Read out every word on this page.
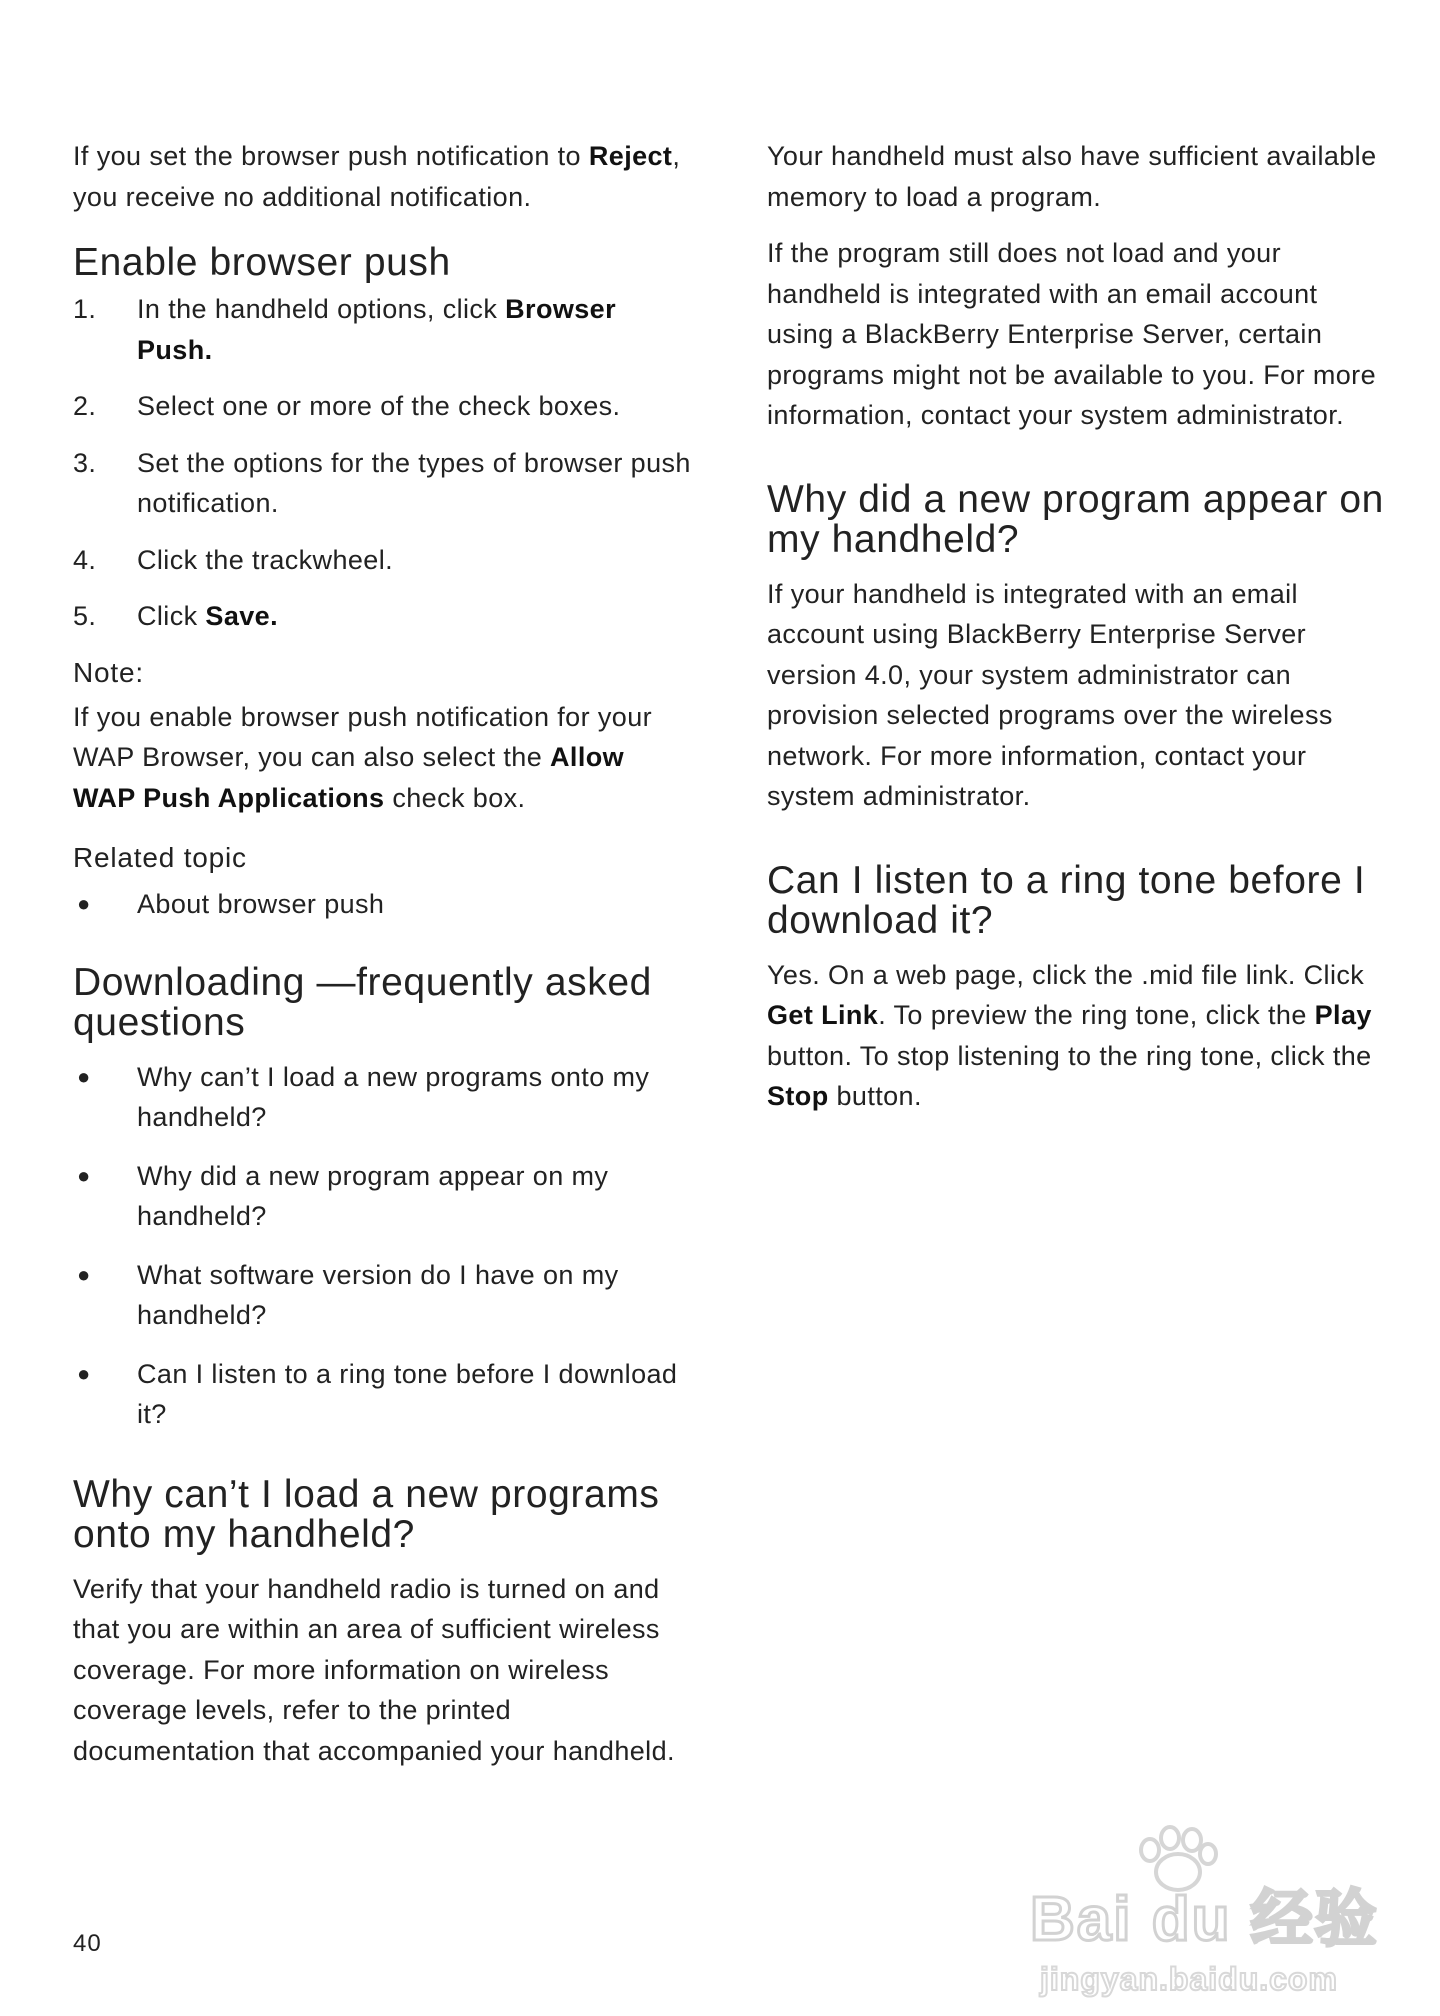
If you set the browser push notification to Reject, you receive no additional notification.

Enable browser push
1.	In the handheld options, click Browser Push.
2.	Select one or more of the check boxes.
3.	Set the options for the types of browser push notification.
4.	Click the trackwheel.
5.	Click Save.

Note:

If you enable browser push notification for your WAP Browser, you can also select the Allow WAP Push Applications check box.

Related topic

●	About browser push
Downloading —frequently asked questions
●	Why can’t I load a new programs onto my handheld?
●	Why did a new program appear on my handheld?
●	What software version do I have on my handheld?
●	Can I listen to a ring tone before I download it?
Why can’t I load a new programs onto my handheld?

Verify that your handheld radio is turned on and that you are within an area of sufficient wireless coverage. For more information on wireless coverage levels, refer to the printed documentation that accompanied your handheld.

Your handheld must also have sufficient available memory to load a program.

If the program still does not load and your handheld is integrated with an email account using a BlackBerry Enterprise Server, certain programs might not be available to you. For more information, contact your system administrator.

Why did a new program appear on my handheld?

If your handheld is integrated with an email account using BlackBerry Enterprise Server version 4.0, your system administrator can provision selected programs over the wireless network. For more information, contact your system administrator.

Can I listen to a ring tone before I download it?

Yes. On a web page, click the .mid file link. Click Get Link. To preview the ring tone, click the Play button. To stop listening to the ring tone, click the Stop button.

40	Bai du 经验
jingyan.baidu.com
